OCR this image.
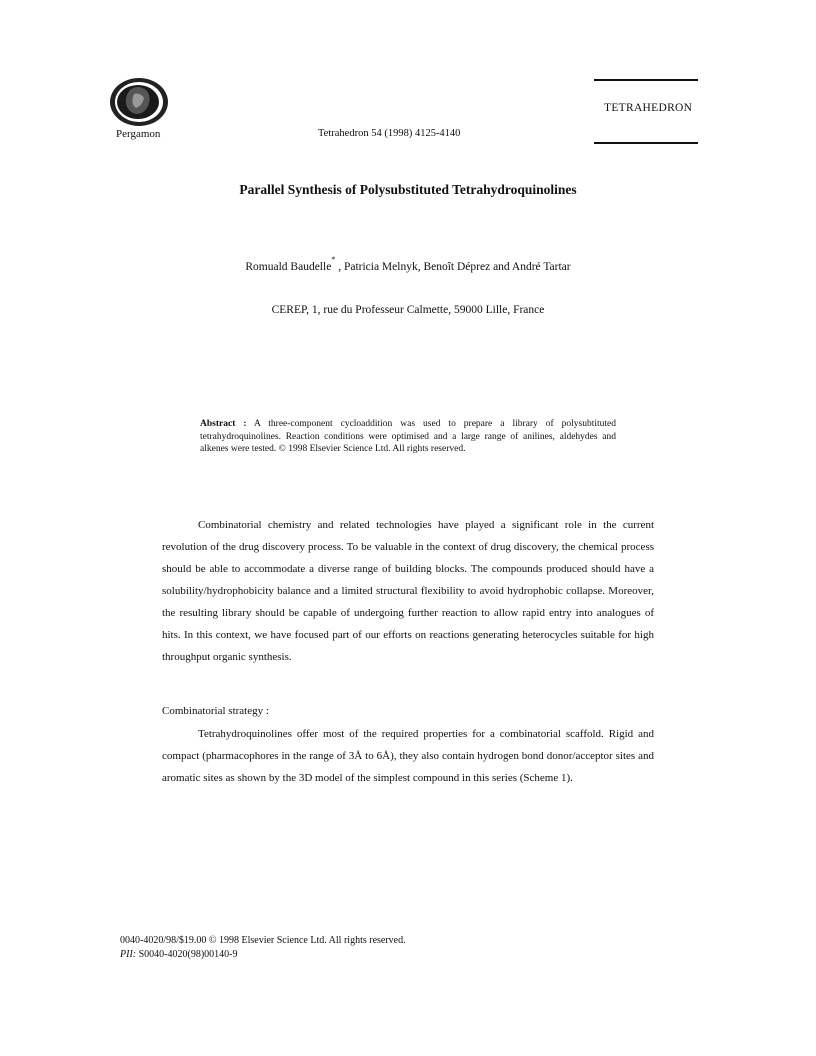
Pergamon	Tetrahedron 54 (1998) 4125-4140
TETRAHEDRON
Parallel Synthesis of Polysubstituted Tetrahydroquinolines
Romuald Baudelle* , Patricia Melnyk, Benoît Déprez and André Tartar
CEREP, 1, rue du Professeur Calmette, 59000 Lille, France
Abstract : A three-component cycloaddition was used to prepare a library of polysubtituted tetrahydroquinolines. Reaction conditions were optimised and a large range of anilines, aldehydes and alkenes were tested. © 1998 Elsevier Science Ltd. All rights reserved.
Combinatorial chemistry and related technologies have played a significant role in the current revolution of the drug discovery process. To be valuable in the context of drug discovery, the chemical process should be able to accommodate a diverse range of building blocks. The compounds produced should have a solubility/hydrophobicity balance and a limited structural flexibility to avoid hydrophobic collapse. Moreover, the resulting library should be capable of undergoing further reaction to allow rapid entry into analogues of hits. In this context, we have focused part of our efforts on reactions generating heterocycles suitable for high throughput organic synthesis.
Combinatorial strategy :
Tetrahydroquinolines offer most of the required properties for a combinatorial scaffold. Rigid and compact (pharmacophores in the range of 3Å to 6Å), they also contain hydrogen bond donor/acceptor sites and aromatic sites as shown by the 3D model of the simplest compound in this series (Scheme 1).
0040-4020/98/$19.00 © 1998 Elsevier Science Ltd. All rights reserved.
PII: S0040-4020(98)00140-9
